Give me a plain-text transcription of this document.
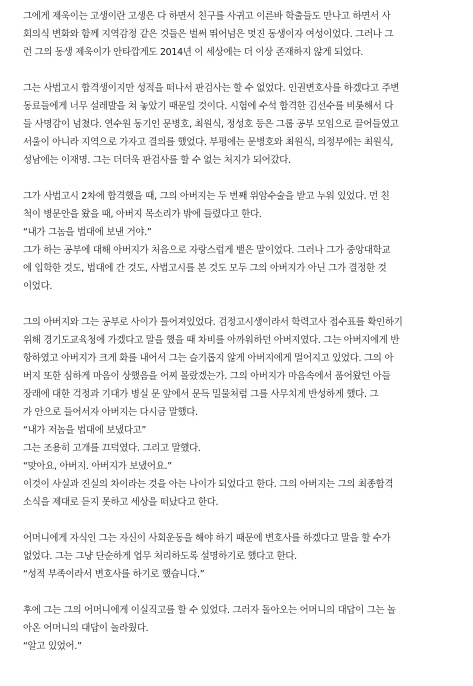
그에게 제욱이는 고생이란 고생은 다 하면서 친구를 사귀고 이른바 학출들도 만나고 하면서 사
회의식 변화와 함께 지역감정 같은 것들은 벌써 뛰어넘은 멋진 동생이자 여성이었다. 그러나 그
런 그의 동생 제욱이가 안타깝게도 2014년 이 세상에는 더 이상 존재하지 않게 되었다.

그는 사법고시 합격생이지만 성적을 떠나서 판검사는 할 수 없었다. 인권변호사를 하겠다고 주변
동료들에게 너무 설레발을 쳐 놓았기 때문일 것이다. 시험에 수석 합격한 김선수를 비롯해서 다
들 사명감이 넘쳤다. 연수원 동기인 문병호, 최원식, 정성호 등은 그룹 공부 모임으로 끌어들였고
서울이 아니라 지역으로 가자고 결의를 했었다. 부평에는 문병호와 최원식, 의정부에는 최원식,
성남에는 이재명. 그는 더더욱 판검사를 할 수 없는 처지가 되어갔다.

그가 사법고시 2차에 합격했을 때, 그의 아버지는 두 번째 위암수술을 받고 누워 있었다. 먼 친
척이 병문안을 왔을 때, 아버지 목소리가 밖에 들렸다고 한다.
“내가 그놈을 법대에 보낸 거야.”
그가 하는 공부에 대해 아버지가 처음으로 자랑스럽게 뱉은 말이었다. 그러나 그가 중앙대학교
에 입학한 것도, 법대에 간 것도, 사법고시를 본 것도 모두 그의 아버지가 아닌 그가 결정한 것
이었다.

그의 아버지와 그는 공부로 사이가 틀어져있었다. 검정고시생이라서 학력고사 접수표를 확인하기
위해 경기도교육청에 가겠다고 말을 했을 때 차비를 아까워하던 아버지였다. 그는 아버지에게 반
항하였고 아버지가 크게 화를 내어서 그는 슬기롭지 않게 아버지에게 멀어지고 있었다. 그의 아
버지 또한 심하게 마음이 상했음을 어찌 몰랐겠는가. 그의 아버지가 마음속에서 품어왔던 아들
장래에 대한 걱정과 기대가 병실 문 앞에서 문득 밀물처럼 그를 사무치게 반성하게 했다. 그
가 안으로 들어서자 아버지는 다시금 말했다.
“내가 저놈을 법대에 보냈다고”
그는 조용히 고개를 끄덕였다. 그리고 말했다.
“맞아요, 아버지. 아버지가 보냈어요.”
이것이 사실과 진실의 차이라는 것을 아는 나이가 되었다고 한다. 그의 아버지는 그의 최종합격
소식을 제대로 듣지 못하고 세상을 떠났다고 한다.

어머니에게 자식인 그는 자신이 사회운동을 해야 하기 때문에 변호사를 하겠다고 말을 할 수가
없었다. 그는 그냥 단순하게 업무 처리하도록 설명하기로 했다고 한다.
“성적 부족이라서 변호사를 하기로 했습니다.”

후에 그는 그의 어머니에게 이실직고를 할 수 있었다. 그러자 돌아오는 어머니의 대답이 그는 놀
아온 어머니의 대답이 놀라웠다.
“알고 있었어.”
